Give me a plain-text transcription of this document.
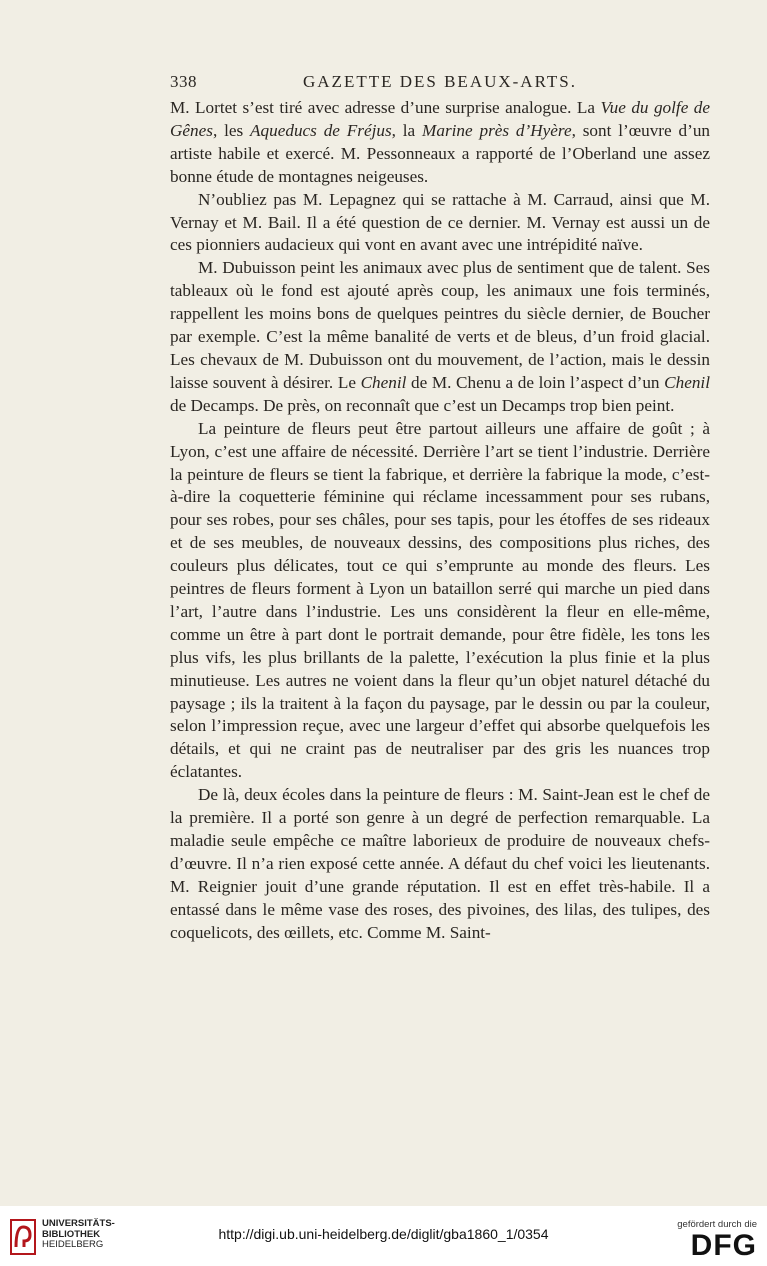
338	GAZETTE DES BEAUX-ARTS.

M. Lortet s’est tiré avec adresse d’une surprise analogue. La Vue du golfe de Gênes, les Aqueducs de Fréjus, la Marine près d’Hyère, sont l’œuvre d’un artiste habile et exercé. M. Pessonneaux a rapporté de l’Oberland une assez bonne étude de montagnes neigeuses.

N’oubliez pas M. Lepagnez qui se rattache à M. Carraud, ainsi que M. Vernay et M. Bail. Il a été question de ce dernier. M. Vernay est aussi un de ces pionniers audacieux qui vont en avant avec une intrépidité naïve.

M. Dubuisson peint les animaux avec plus de sentiment que de talent. Ses tableaux où le fond est ajouté après coup, les animaux une fois terminés, rappellent les moins bons de quelques peintres du siècle dernier, de Boucher par exemple. C’est la même banalité de verts et de bleus, d’un froid glacial. Les chevaux de M. Dubuisson ont du mouvement, de l’action, mais le dessin laisse souvent à désirer. Le Chenil de M. Chenu a de loin l’aspect d’un Chenil de Decamps. De près, on reconnaît que c’est un Decamps trop bien peint.

La peinture de fleurs peut être partout ailleurs une affaire de goût ; à Lyon, c’est une affaire de nécessité. Derrière l’art se tient l’industrie. Derrière la peinture de fleurs se tient la fabrique, et derrière la fabrique la mode, c’est-à-dire la coquetterie féminine qui réclame incessamment pour ses rubans, pour ses robes, pour ses châles, pour ses tapis, pour les étoffes de ses rideaux et de ses meubles, de nouveaux dessins, des compositions plus riches, des couleurs plus délicates, tout ce qui s’emprunte au monde des fleurs. Les peintres de fleurs forment à Lyon un bataillon serré qui marche un pied dans l’art, l’autre dans l’industrie. Les uns considèrent la fleur en elle-même, comme un être à part dont le portrait demande, pour être fidèle, les tons les plus vifs, les plus brillants de la palette, l’exécution la plus finie et la plus minutieuse. Les autres ne voient dans la fleur qu’un objet naturel détaché du paysage ; ils la traitent à la façon du paysage, par le dessin ou par la couleur, selon l’impression reçue, avec une largeur d’effet qui absorbe quelquefois les détails, et qui ne craint pas de neutraliser par des gris les nuances trop éclatantes.

De là, deux écoles dans la peinture de fleurs : M. Saint-Jean est le chef de la première. Il a porté son genre à un degré de perfection remarquable. La maladie seule empêche ce maître laborieux de produire de nouveaux chefs-d’œuvre. Il n’a rien exposé cette année. A défaut du chef voici les lieutenants. M. Reignier jouit d’une grande réputation. Il est en effet très-habile. Il a entassé dans le même vase des roses, des pivoines, des lilas, des tulipes, des coquelicots, des œillets, etc. Comme M. Saint-

UNIVERSITÄTS-
BIBLIOTHEK
HEIDELBERG
http://digi.ub.uni-heidelberg.de/diglit/gba1860_1/0354
gefördert durch die
DFG
